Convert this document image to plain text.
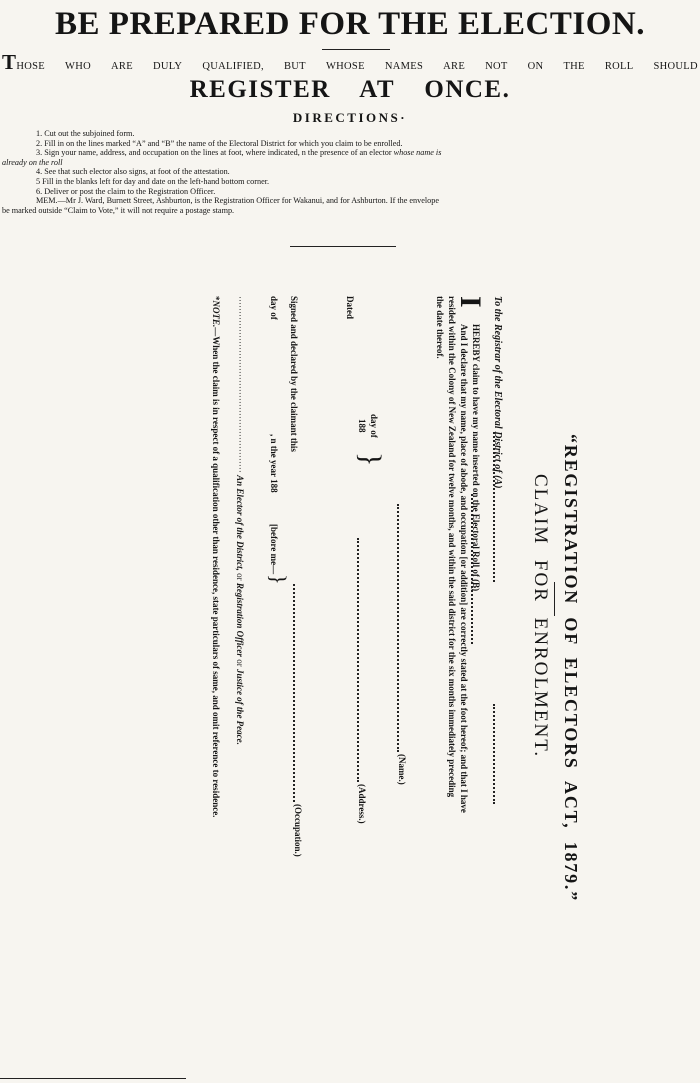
BE PREPARED FOR THE ELECTION.
THOSE WHO ARE DULY QUALIFIED, BUT WHOSE NAMES ARE NOT ON THE ROLL SHOULD
REGISTER AT ONCE.
DIRECTIONS·
1. Cut out the subjoined form.
2. Fill in on the lines marked “A” and “B” the name of the Electoral District for which you claim to be enrolled.
3. Sign your name, address, and occupation on the lines at foot, where indicated, n the presence of an elector whose name is
already on the roll
4. See that such elector also signs, at foot of the attestation.
5 Fill in the blanks left for day and date on the left-hand bottom corner.
6. Deliver or post the claim to the Registration Officer.
MEM.—Mr J. Ward, Burnett Street, Ashburton, is the Registration Officer for Wakanui, and for Ashburton. If the envelope
be marked outside “Claim to Vote,” it will not require a postage stamp.
“REGISTRATION OF ELECTORS ACT, 1879.”
CLAIM FOR ENROLMENT.
To the Registrar of the Electoral District of (A)
I
HEREBY claim to have my name inserted on the Electoral Roll of (B)
And I declare that my name, place of abode, and occupation [or addition] are correctly stated at the foot hereof; and that I have
resided within the Colony of New Zealand for twelve months, and within the said district for the six months immediately preceding
the date thereof.
(Name.)
(Address.)
(Occupation.)
Dated
day of
188
}
Signed and declared by the claimant this
day of
, n the year 188
[before me—
}
··························································· An Elector of the District, or Registration Officer or Justice of the Peace.
*NOTE.—When the claim is in respect of a qualification other than residence, state particulars of same, and omit reference to residence.
